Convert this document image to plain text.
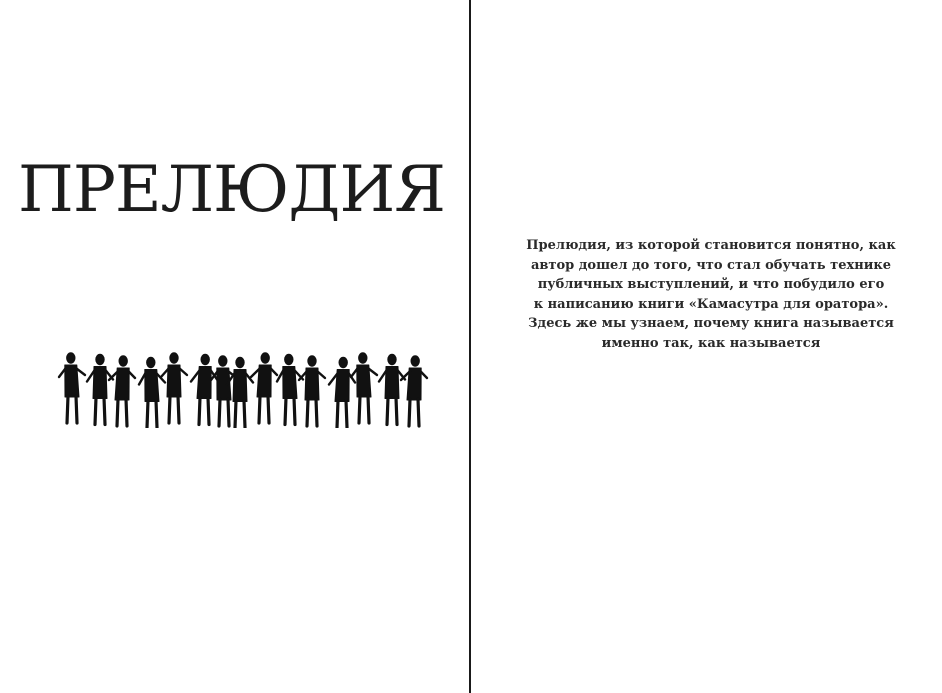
ПРЕЛЮДИЯ

Прелюдия, из которой становится понятно, как
автор дошел до того, что стал обучать технике
публичных выступлений, и что побудило его
к написанию книги «Камасутра для оратора».
Здесь же мы узнаем, почему книга называется
именно так, как называется
